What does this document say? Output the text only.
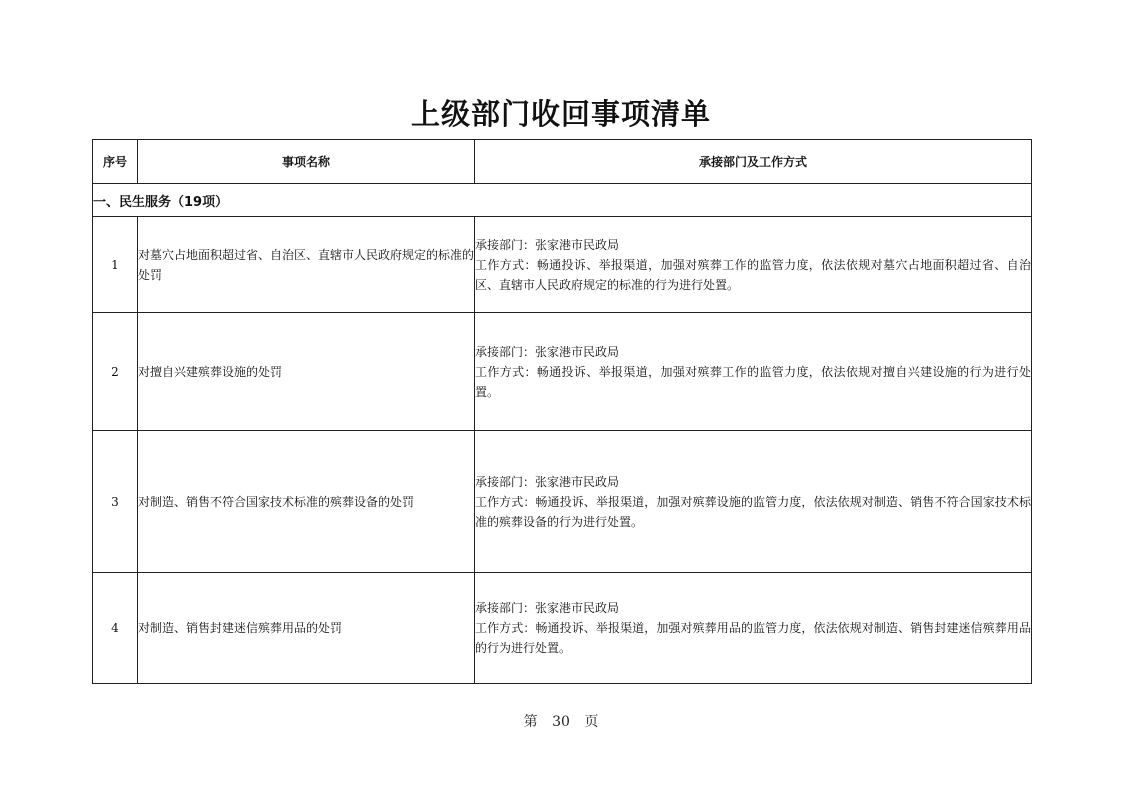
上级部门收回事项清单
序号	事项名称	承接部门及工作方式
一、民生服务（19项）		
1	对墓穴占地面积超过省、自治区、直辖市人民政府规定的标准的处罚	承接部门：张家港市民政局
工作方式：畅通投诉、举报渠道，加强对殡葬工作的监管力度，依法依规对墓穴占地面积超过省、自治区、直辖市人民政府规定的标准的行为进行处置。

2	对擅自兴建殡葬设施的处罚	承接部门：张家港市民政局
工作方式：畅通投诉、举报渠道，加强对殡葬工作的监管力度，依法依规对擅自兴建设施的行为进行处置。

3	对制造、销售不符合国家技术标准的殡葬设备的处罚	承接部门：张家港市民政局
工作方式：畅通投诉、举报渠道，加强对殡葬设施的监管力度，依法依规对制造、销售不符合国家技术标准的殡葬设备的行为进行处置。

4	对制造、销售封建迷信殡葬用品的处罚	承接部门：张家港市民政局
工作方式：畅通投诉、举报渠道，加强对殡葬用品的监管力度，依法依规对制造、销售封建迷信殡葬用品的行为进行处置。
第 30 页
